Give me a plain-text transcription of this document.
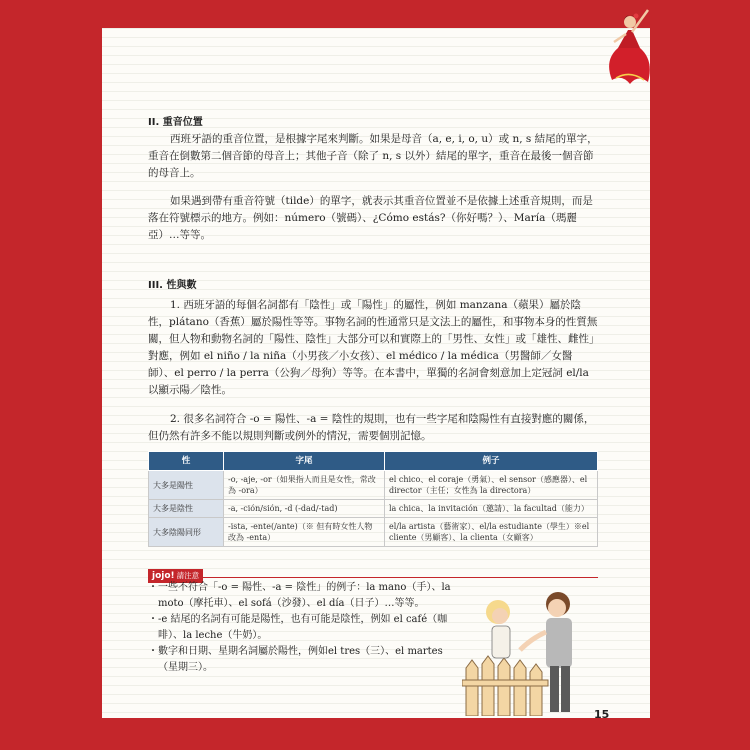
II. 重音位置
西班牙語的重音位置，是根據字尾來判斷。如果是母音（a, e, i, o, u）或 n, s 結尾的單字，重音在倒數第二個音節的母音上；其他子音（除了 n, s 以外）結尾的單字，重音在最後一個音節的母音上。
如果遇到帶有重音符號（tilde）的單字，就表示其重音位置並不是依據上述重音規則，而是落在符號標示的地方。例如：número（號碼）、¿Cómo estás?（你好嗎？）、María（瑪麗亞）…等等。
III. 性與數
1. 西班牙語的每個名詞都有「陰性」或「陽性」的屬性，例如 manzana（蘋果）屬於陰性，plátano（香蕉）屬於陽性等等。事物名詞的性通常只是文法上的屬性，和事物本身的性質無關，但人物和動物名詞的「陽性、陰性」大部分可以和實際上的「男性、女性」或「雄性、雌性」對應，例如 el niño / la niña（小男孩／小女孩）、el médico / la médica（男醫師／女醫師）、el perro / la perra（公狗／母狗）等等。在本書中，單獨的名詞會刻意加上定冠詞 el/la 以顯示陽／陰性。
2. 很多名詞符合 -o = 陽性、-a = 陰性的規則，也有一些字尾和陰陽性有直接對應的關係，但仍然有許多不能以規則判斷或例外的情況，需要個別記憶。
性	字尾	例子
大多是陽性	-o, -aje, -or（如果指人而且是女性，常改為 -ora）	el chico、el coraje（勇氣）、el sensor（感應器）、el director（主任；女性為 la directora）
大多是陰性	-a, -ción/sión, -d (-dad/-tad)	la chica、la invitación（邀請）、la facultad（能力）
大多陰陽同形	-ista, -ente(/ante)（※ 但有時女性人物改為 -enta）	el/la artista（藝術家）、el/la estudiante（學生）※el cliente（男顧客）、la clienta（女顧客）
jojo! 請注意

・一些不符合「-o = 陽性、-a = 陰性」的例子：la mano（手）、la moto（摩托車）、el sofá（沙發）、el día（日子）…等等。

・-e 結尾的名詞有可能是陽性，也有可能是陰性，例如 el café（咖啡）、la leche（牛奶）。

・數字和日期、星期名詞屬於陽性，例如el tres（三）、el martes（星期三）。

15
